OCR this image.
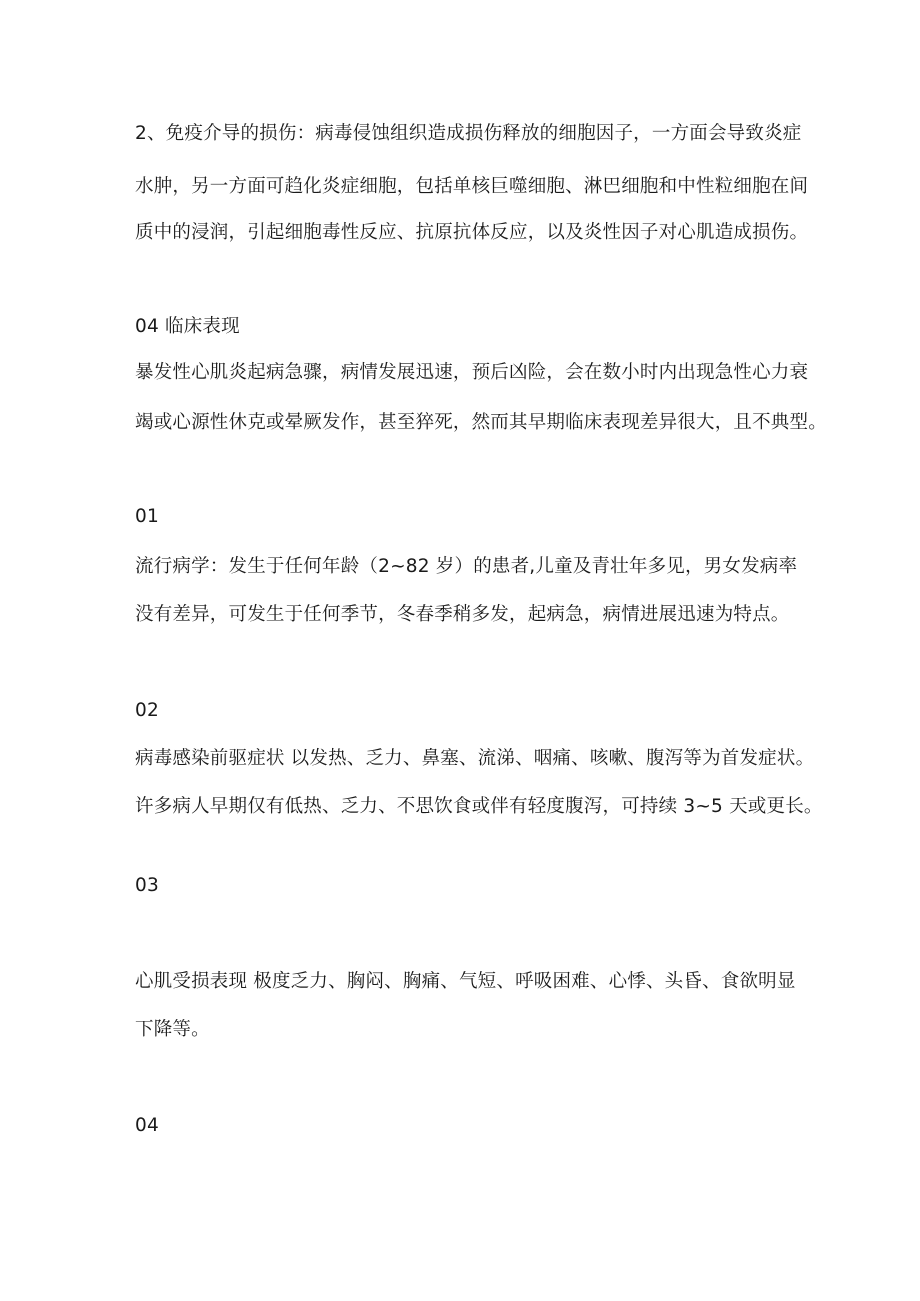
2、免疫介导的损伤：病毒侵蚀组织造成损伤释放的细胞因子，一方面会导致炎症
水肿，另一方面可趋化炎症细胞，包括单核巨噬细胞、淋巴细胞和中性粒细胞在间
质中的浸润，引起细胞毒性反应、抗原抗体反应，以及炎性因子对心肌造成损伤。
04 临床表现
暴发性心肌炎起病急骤，病情发展迅速，预后凶险，会在数小时内出现急性心力衰
竭或心源性休克或晕厥发作，甚至猝死，然而其早期临床表现差异很大，且不典型。
01
流行病学：发生于任何年龄（2~82 岁）的患者,儿童及青壮年多见，男女发病率
没有差异，可发生于任何季节，冬春季稍多发，起病急，病情进展迅速为特点。
02
病毒感染前驱症状 以发热、乏力、鼻塞、流涕、咽痛、咳嗽、腹泻等为首发症状。
许多病人早期仅有低热、乏力、不思饮食或伴有轻度腹泻，可持续 3~5 天或更长。
03
心肌受损表现 极度乏力、胸闷、胸痛、气短、呼吸困难、心悸、头昏、食欲明显
下降等。
04
